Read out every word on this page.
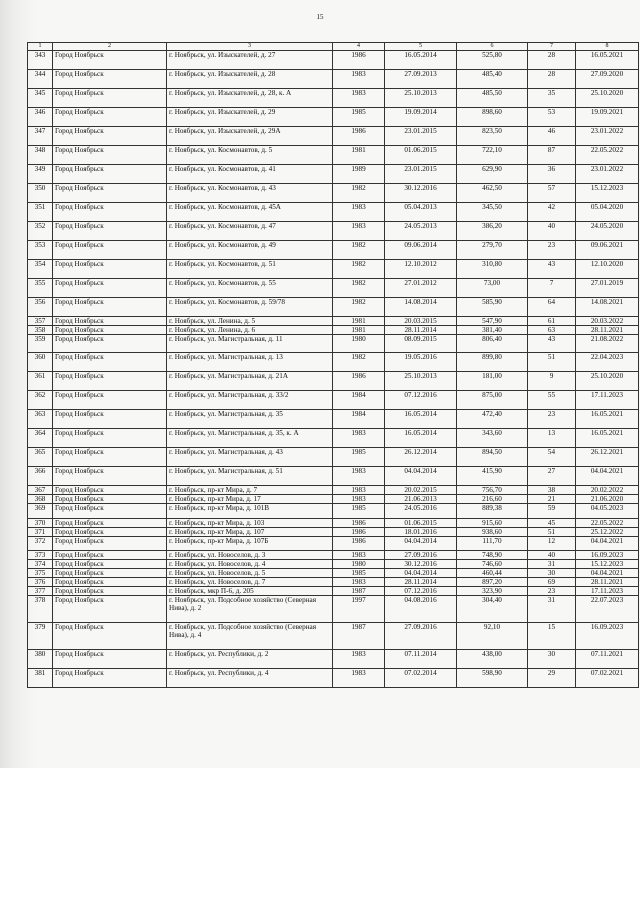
15
1	2	3	4	5	6	7	8
343	Город Ноябрьск	г. Ноябрьск, ул. Изыскателей, д. 27	1986	16.05.2014	525,80	28	16.05.2021
344	Город Ноябрьск	г. Ноябрьск, ул. Изыскателей, д. 28	1983	27.09.2013	485,40	28	27.09.2020
345	Город Ноябрьск	г. Ноябрьск, ул. Изыскателей, д. 28, к. А	1983	25.10.2013	485,50	35	25.10.2020
346	Город Ноябрьск	г. Ноябрьск, ул. Изыскателей, д. 29	1985	19.09.2014	898,60	53	19.09.2021
347	Город Ноябрьск	г. Ноябрьск, ул. Изыскателей, д. 29А	1986	23.01.2015	823,50	46	23.01.2022
348	Город Ноябрьск	г. Ноябрьск, ул. Космонавтов, д. 5	1981	01.06.2015	722,10	87	22.05.2022
349	Город Ноябрьск	г. Ноябрьск, ул. Космонавтов, д. 41	1989	23.01.2015	629,90	36	23.01.2022
350	Город Ноябрьск	г. Ноябрьск, ул. Космонавтов, д. 43	1982	30.12.2016	462,50	57	15.12.2023
351	Город Ноябрьск	г. Ноябрьск, ул. Космонавтов, д. 45А	1983	05.04.2013	345,50	42	05.04.2020
352	Город Ноябрьск	г. Ноябрьск, ул. Космонавтов, д. 47	1983	24.05.2013	386,20	40	24.05.2020
353	Город Ноябрьск	г. Ноябрьск, ул. Космонавтов, д. 49	1982	09.06.2014	279,70	23	09.06.2021
354	Город Ноябрьск	г. Ноябрьск, ул. Космонавтов, д. 51	1982	12.10.2012	310,80	43	12.10.2020
355	Город Ноябрьск	г. Ноябрьск, ул. Космонавтов, д. 55	1982	27.01.2012	73,00	7	27.01.2019
356	Город Ноябрьск	г. Ноябрьск, ул. Космонавтов, д. 59/78	1982	14.08.2014	585,90	64	14.08.2021
357	Город Ноябрьск	г. Ноябрьск, ул. Ленина, д. 5	1981	20.03.2015	547,90	61	20.03.2022
358	Город Ноябрьск	г. Ноябрьск, ул. Ленина, д. 6	1981	28.11.2014	381,40	63	28.11.2021
359	Город Ноябрьск	г. Ноябрьск, ул. Магистральная, д. 11	1980	08.09.2015	806,40	43	21.08.2022
360	Город Ноябрьск	г. Ноябрьск, ул. Магистральная, д. 13	1982	19.05.2016	899,80	51	22.04.2023
361	Город Ноябрьск	г. Ноябрьск, ул. Магистральная, д. 21А	1986	25.10.2013	181,00	9	25.10.2020
362	Город Ноябрьск	г. Ноябрьск, ул. Магистральная, д. 33/2	1984	07.12.2016	875,00	55	17.11.2023
363	Город Ноябрьск	г. Ноябрьск, ул. Магистральная, д. 35	1984	16.05.2014	472,40	23	16.05.2021
364	Город Ноябрьск	г. Ноябрьск, ул. Магистральная, д. 35, к. А	1983	16.05.2014	343,60	13	16.05.2021
365	Город Ноябрьск	г. Ноябрьск, ул. Магистральная, д. 43	1985	26.12.2014	894,50	54	26.12.2021
366	Город Ноябрьск	г. Ноябрьск, ул. Магистральная, д. 51	1983	04.04.2014	415,90	27	04.04.2021
367	Город Ноябрьск	г. Ноябрьск, пр-кт Мира, д. 7	1983	20.02.2015	756,70	38	20.02.2022
368	Город Ноябрьск	г. Ноябрьск, пр-кт Мира, д. 17	1983	21.06.2013	216,60	21	21.06.2020
369	Город Ноябрьск	г. Ноябрьск, пр-кт Мира, д. 101В	1985	24.05.2016	889,38	59	04.05.2023
370	Город Ноябрьск	г. Ноябрьск, пр-кт Мира, д. 103	1986	01.06.2015	915,60	45	22.05.2022
371	Город Ноябрьск	г. Ноябрьск, пр-кт Мира, д. 107	1986	18.01.2016	938,60	51	25.12.2022
372	Город Ноябрьск	г. Ноябрьск, пр-кт Мира, д. 107Б	1986	04.04.2014	111,70	12	04.04.2021
373	Город Ноябрьск	г. Ноябрьск, ул. Новоселов, д. 3	1983	27.09.2016	748,90	40	16.09.2023
374	Город Ноябрьск	г. Ноябрьск, ул. Новоселов, д. 4	1980	30.12.2016	746,60	31	15.12.2023
375	Город Ноябрьск	г. Ноябрьск, ул. Новоселов, д. 5	1985	04.04.2014	460,44	30	04.04.2021
376	Город Ноябрьск	г. Ноябрьск, ул. Новоселов, д. 7	1983	28.11.2014	897,20	69	28.11.2021
377	Город Ноябрьск	г. Ноябрьск, мкр П-6, д. 205	1987	07.12.2016	323,90	23	17.11.2023
378	Город Ноябрьск	г. Ноябрьск, ул. Подсобное хозяйство (Северная Нива), д. 2	1997	04.08.2016	304,40	31	22.07.2023
379	Город Ноябрьск	г. Ноябрьск, ул. Подсобное хозяйство (Северная Нива), д. 4	1987	27.09.2016	92,10	15	16.09.2023
380	Город Ноябрьск	г. Ноябрьск, ул. Республики, д. 2	1983	07.11.2014	438,00	30	07.11.2021
381	Город Ноябрьск	г. Ноябрьск, ул. Республики, д. 4	1983	07.02.2014	598,90	29	07.02.2021
